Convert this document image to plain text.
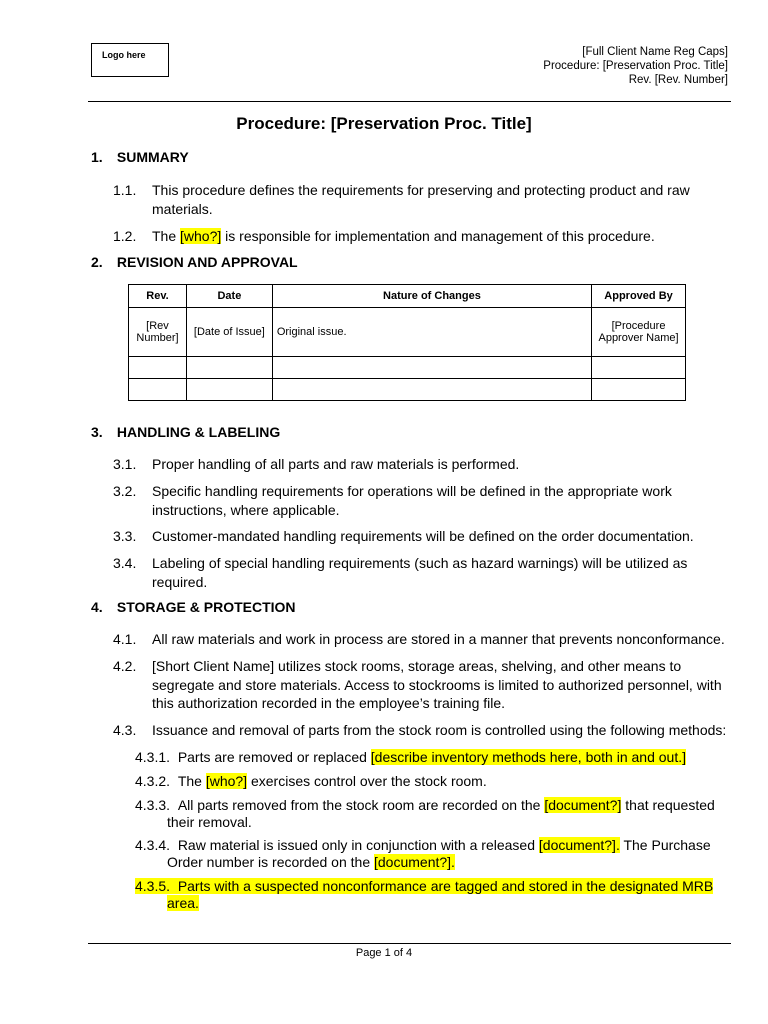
Logo here	[Full Client Name Reg Caps]
Procedure: [Preservation Proc. Title]
Rev. [Rev. Number]
Procedure: [Preservation Proc. Title]
1. SUMMARY
1.1. This procedure defines the requirements for preserving and protecting product and raw materials.
1.2. The [who?] is responsible for implementation and management of this procedure.
2. REVISION AND APPROVAL
Rev.	Date	Nature of Changes	Approved By
[Rev Number]	[Date of Issue]	Original issue.	[Procedure Approver Name]

3. HANDLING & LABELING
3.1. Proper handling of all parts and raw materials is performed.
3.2. Specific handling requirements for operations will be defined in the appropriate work instructions, where applicable.
3.3. Customer-mandated handling requirements will be defined on the order documentation.
3.4. Labeling of special handling requirements (such as hazard warnings) will be utilized as required.
4. STORAGE & PROTECTION
4.1. All raw materials and work in process are stored in a manner that prevents nonconformance.
4.2. [Short Client Name] utilizes stock rooms, storage areas, shelving, and other means to segregate and store materials. Access to stockrooms is limited to authorized personnel, with this authorization recorded in the employee’s training file.
4.3. Issuance and removal of parts from the stock room is controlled using the following methods:
4.3.1. Parts are removed or replaced [describe inventory methods here, both in and out.]
4.3.2. The [who?] exercises control over the stock room.
4.3.3. All parts removed from the stock room are recorded on the [document?] that requested their removal.
4.3.4. Raw material is issued only in conjunction with a released [document?]. The Purchase Order number is recorded on the [document?].
4.3.5. Parts with a suspected nonconformance are tagged and stored in the designated MRB area.
Page 1 of 4
